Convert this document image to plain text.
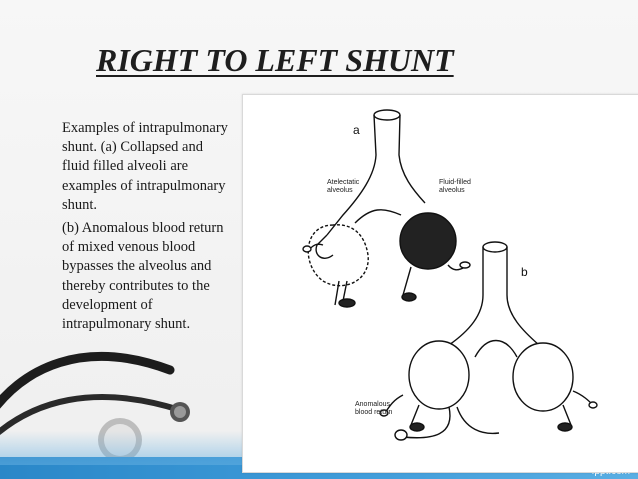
RIGHT TO LEFT SHUNT

Examples of intrapulmonary shunt. (a) Collapsed and fluid filled alveoli are examples of intrapulmonary shunt.

(b) Anomalous blood return of mixed venous blood bypasses the alveolus and thereby contributes to the development of intrapulmonary shunt.

a
b
Atelectatic
alveolus
Fluid-filled
alveolus
Anomalous
blood return
